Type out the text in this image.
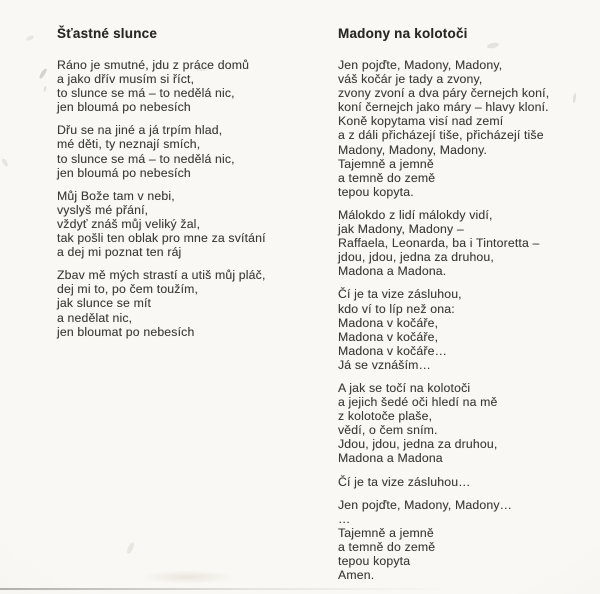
Šťastné slunce
Ráno je smutné, jdu z práce domů
a jako dřív musím si říct,
to slunce se má – to nedělá nic,
jen bloumá po nebesích
Dřu se na jiné a já trpím hlad,
mé děti, ty neznají smích,
to slunce se má – to nedělá nic,
jen bloumá po nebesích
Můj Bože tam v nebi,
vyslyš mé přání,
vždyť znáš můj veliký žal,
tak pošli ten oblak pro mne za svítání
a dej mi poznat ten ráj
Zbav mě mých strastí a utiš můj pláč,
dej mi to, po čem toužím,
jak slunce se mít
a nedělat nic,
jen bloumat po nebesích
Madony na kolotoči
Jen pojďte, Madony, Madony,
váš kočár je tady a zvony,
zvony zvoní a dva páry černejch koní,
koní černejch jako máry – hlavy kloní.
Koně kopytama visí nad zemí
a z dáli přicházejí tiše, přicházejí tiše
Madony, Madony, Madony.
Tajemně a jemně
a temně do země
tepou kopyta.
Málokdo z lidí málokdy vidí,
jak Madony, Madony –
Raffaela, Leonarda, ba i Tintoretta –
jdou, jdou, jedna za druhou,
Madona a Madona.
Čí je ta vize zásluhou,
kdo ví to líp než ona:
Madona v kočáře,
Madona v kočáře,
Madona v kočáře…
Já se vznáším…
A jak se točí na kolotoči
a jejich šedé oči hledí na mě
z kolotoče plaše,
vědí, o čem sním.
Jdou, jdou, jedna za druhou,
Madona a Madona
Čí je ta vize zásluhou…
Jen pojďte, Madony, Madony…
…
Tajemně a jemně
a temně do země
tepou kopyta
Amen.
